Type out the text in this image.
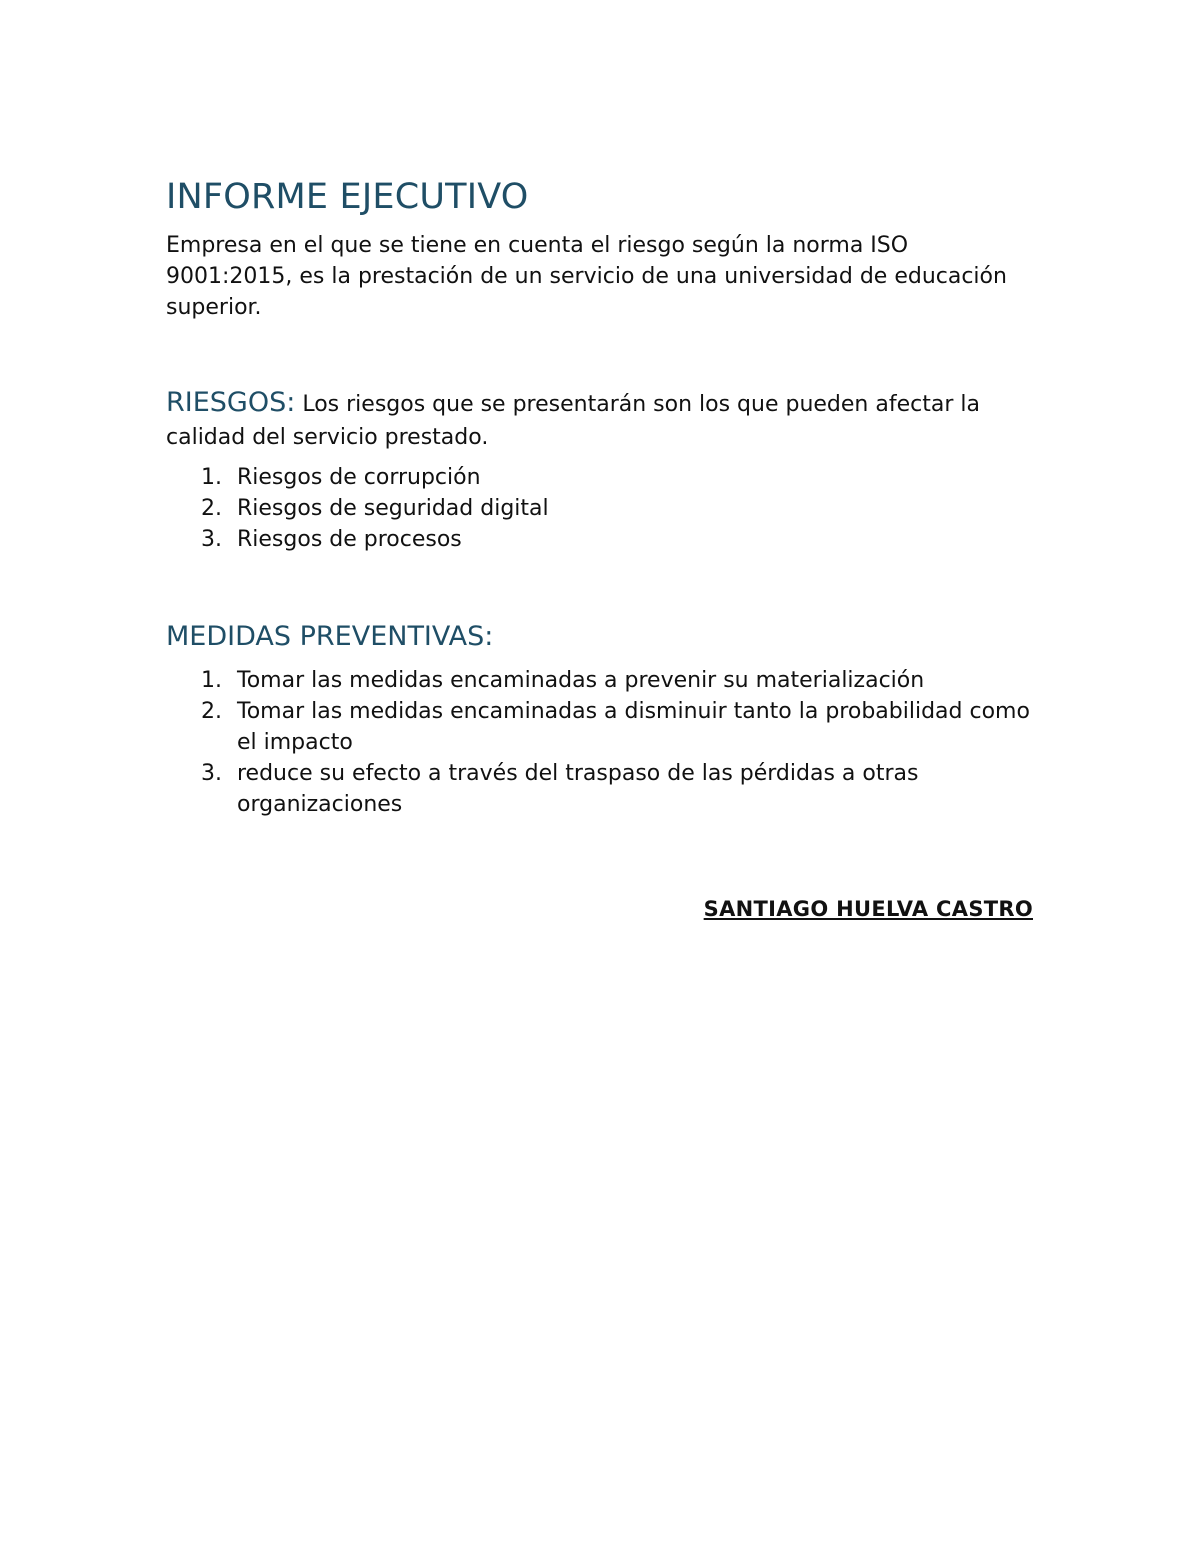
INFORME EJECUTIVO

Empresa en el que se tiene en cuenta el riesgo según la norma ISO 9001:2015, es la prestación de un servicio de una universidad de educación superior.

RIESGOS: Los riesgos que se presentarán son los que pueden afectar la calidad del servicio prestado.

1. Riesgos de corrupción
2. Riesgos de seguridad digital
3. Riesgos de procesos
MEDIDAS PREVENTIVAS:
1. Tomar las medidas encaminadas a prevenir su materialización
2. Tomar las medidas encaminadas a disminuir tanto la probabilidad como el impacto
3. reduce su efecto a través del traspaso de las pérdidas a otras organizaciones
SANTIAGO HUELVA CASTRO
